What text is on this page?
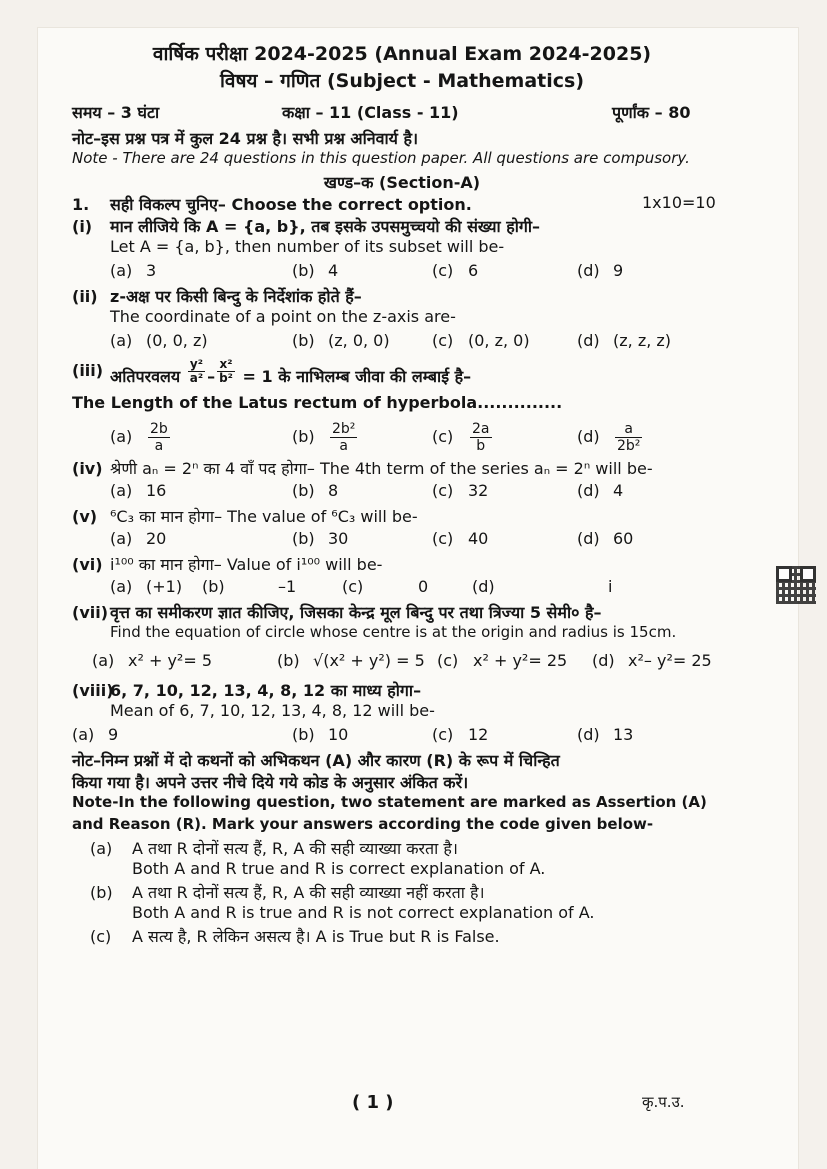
वार्षिक परीक्षा 2024-2025 (Annual Exam 2024-2025)
विषय – गणित (Subject - Mathematics)
समय – 3 घंटा	कक्षा – 11 (Class - 11)	पूर्णांक – 80
नोट–इस प्रश्न पत्र में कुल 24 प्रश्न है। सभी प्रश्न अनिवार्य है।
Note - There are 24 questions in this question paper. All questions are compusory.
खण्ड–क (Section-A)
1. सही विकल्प चुनिए– Choose the correct option.	1x10=10
(i) मान लीजिये कि A = {a, b}, तब इसके उपसमुच्चयो की संख्या होगी–
Let A = {a, b}, then number of its subset will be-
(a) 3	(b) 4	(c) 6	(d) 9
(ii) z-अक्ष पर किसी बिन्दु के निर्देशांक होते हैं–
The coordinate of a point on the z-axis are-
(a) (0, 0, z)	(b) (z, 0, 0)	(c) (0, z, 0)	(d) (z, z, z)
(iii) अतिपरवलय $\frac{\text{y²}}{\text{a²}} - \frac{\text{x²}}{\text{b²}} = 1$ के नाभिलम्ब जीवा की लम्बाई है–
The Length of the Latus rectum of hyperbola..............
$(a) \frac{2b}{a}$	$(b) \frac{\text{2b²}}{a}$	$(c) \frac{2a}{b}$	$(d) \frac{a}{\text{2b²}}$
(iv) श्रेणी aₙ = 2ⁿ का 4 वाँ पद होगा– The 4th term of the series aₙ = 2ⁿ will be-
(a) 16	(b) 8	(c) 32	(d) 4
(v) ⁶C₃ का मान होगा– The value of ⁶C₃ will be-
(a) 20	(b) 30	(c) 40	(d) 60
(vi) i¹⁰⁰ का मान होगा– Value of i¹⁰⁰ will be-
(a) (+1) (b)	–1	(c)	0	(d)	i
(vii) वृत्त का समीकरण ज्ञात कीजिए, जिसका केन्द्र मूल बिन्दु पर तथा त्रिज्या 5 सेमी० है–
Find the equation of circle whose centre is at the origin and radius is 15cm.
(a) x² + y²= 5	(b) √(x² + y²) = 5 (c) x² + y²= 25 (d) x²– y²= 25
(viii)6, 7, 10, 12, 13, 4, 8, 12 का माध्य होगा–
Mean of 6, 7, 10, 12, 13, 4, 8, 12 will be-
(a) 9	(b) 10	(c) 12	(d) 13
नोट–निम्न प्रश्नों में दो कथनों को अभिकथन (A) और कारण (R) के रूप में चिन्हित
किया गया है। अपने उत्तर नीचे दिये गये कोड के अनुसार अंकित करें।
Note-In the following question, two statement are marked as Assertion (A)
and Reason (R). Mark your answers according the code given below-
(a) A तथा R दोनों सत्य हैं, R, A की सही व्याख्या करता है।
Both A and R true and R is correct explanation of A.
(b) A तथा R दोनों सत्य हैं, R, A की सही व्याख्या नहीं करता है।
Both A and R is true and R is not correct explanation of A.
(c) A सत्य है, R लेकिन असत्य है। A is True but R is False.
( 1 )	कृ.प.उ.
